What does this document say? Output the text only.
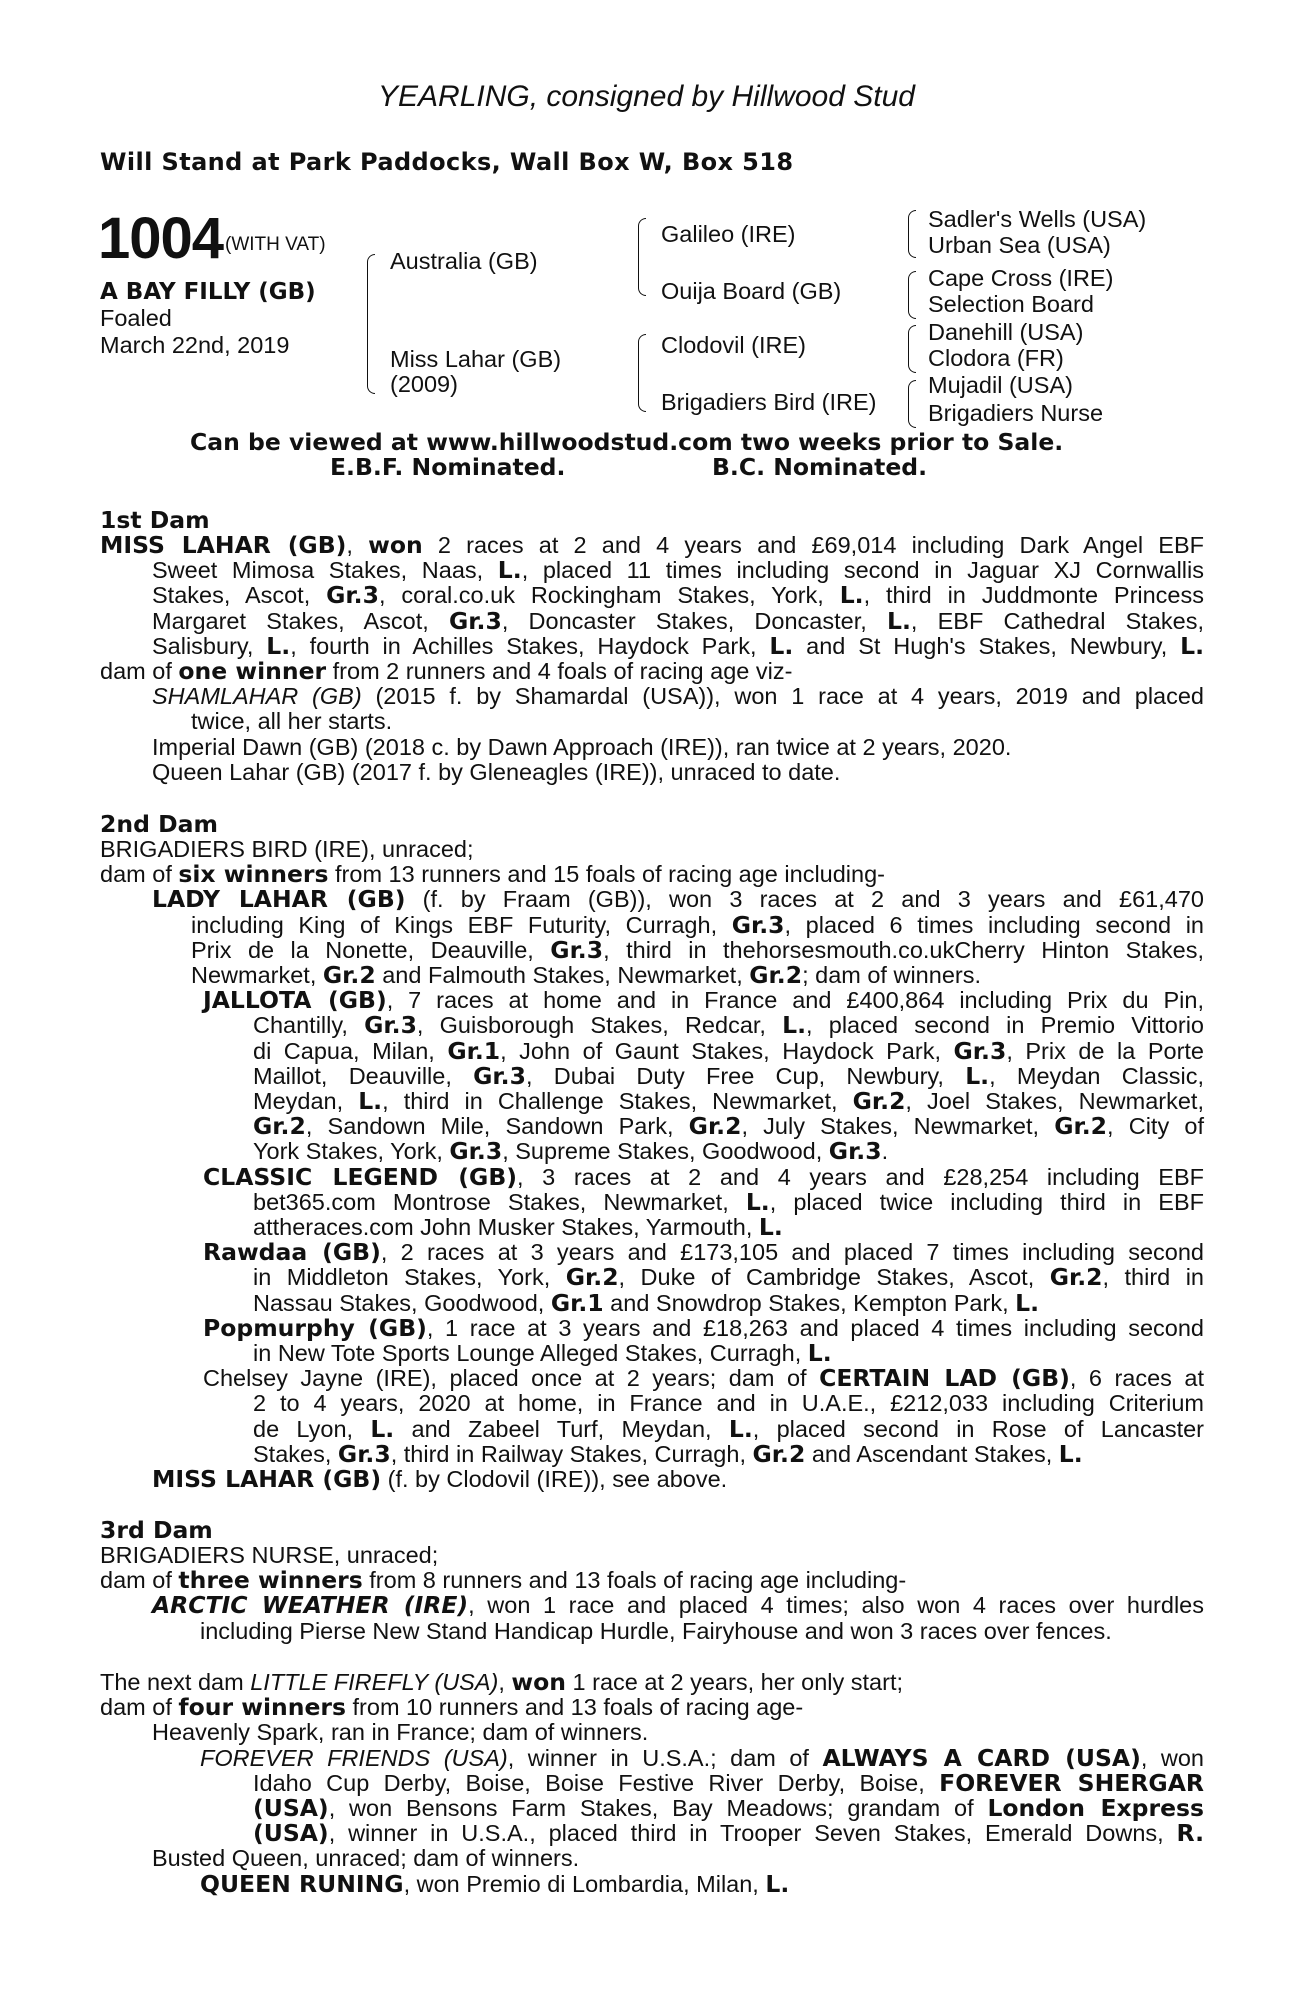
YEARLING, consigned by Hillwood Stud
Will Stand at Park Paddocks, Wall Box W, Box 518
1004 (WITH VAT)
A BAY FILLY (GB)
Foaled
March 22nd, 2019
Australia (GB)
Miss Lahar (GB)
(2009)
Galileo (IRE)
Ouija Board (GB)
Clodovil (IRE)
Brigadiers Bird (IRE)
Sadler's Wells (USA)
Urban Sea (USA)
Cape Cross (IRE)
Selection Board
Danehill (USA)
Clodora (FR)
Mujadil (USA)
Brigadiers Nurse
Can be viewed at www.hillwoodstud.com two weeks prior to Sale.
E.B.F. Nominated.	B.C. Nominated.
1st Dam
MISS LAHAR (GB), won 2 races at 2 and 4 years and £69,014 including Dark Angel EBF
Sweet Mimosa Stakes, Naas, L., placed 11 times including second in Jaguar XJ Cornwallis
Stakes, Ascot, Gr.3, coral.co.uk Rockingham Stakes, York, L., third in Juddmonte Princess
Margaret Stakes, Ascot, Gr.3, Doncaster Stakes, Doncaster, L., EBF Cathedral Stakes,
Salisbury, L., fourth in Achilles Stakes, Haydock Park, L. and St Hugh's Stakes, Newbury, L.
dam of one winner from 2 runners and 4 foals of racing age viz-
SHAMLAHAR (GB) (2015 f. by Shamardal (USA)), won 1 race at 4 years, 2019 and placed
twice, all her starts.
Imperial Dawn (GB) (2018 c. by Dawn Approach (IRE)), ran twice at 2 years, 2020.
Queen Lahar (GB) (2017 f. by Gleneagles (IRE)), unraced to date.
2nd Dam
BRIGADIERS BIRD (IRE), unraced;
dam of six winners from 13 runners and 15 foals of racing age including-
LADY LAHAR (GB) (f. by Fraam (GB)), won 3 races at 2 and 3 years and £61,470
including King of Kings EBF Futurity, Curragh, Gr.3, placed 6 times including second in
Prix de la Nonette, Deauville, Gr.3, third in thehorsesmouth.co.ukCherry Hinton Stakes,
Newmarket, Gr.2 and Falmouth Stakes, Newmarket, Gr.2; dam of winners.
JALLOTA (GB), 7 races at home and in France and £400,864 including Prix du Pin,
Chantilly, Gr.3, Guisborough Stakes, Redcar, L., placed second in Premio Vittorio
di Capua, Milan, Gr.1, John of Gaunt Stakes, Haydock Park, Gr.3, Prix de la Porte
Maillot, Deauville, Gr.3, Dubai Duty Free Cup, Newbury, L., Meydan Classic,
Meydan, L., third in Challenge Stakes, Newmarket, Gr.2, Joel Stakes, Newmarket,
Gr.2, Sandown Mile, Sandown Park, Gr.2, July Stakes, Newmarket, Gr.2, City of
York Stakes, York, Gr.3, Supreme Stakes, Goodwood, Gr.3.
CLASSIC LEGEND (GB), 3 races at 2 and 4 years and £28,254 including EBF
bet365.com Montrose Stakes, Newmarket, L., placed twice including third in EBF
attheraces.com John Musker Stakes, Yarmouth, L.
Rawdaa (GB), 2 races at 3 years and £173,105 and placed 7 times including second
in Middleton Stakes, York, Gr.2, Duke of Cambridge Stakes, Ascot, Gr.2, third in
Nassau Stakes, Goodwood, Gr.1 and Snowdrop Stakes, Kempton Park, L.
Popmurphy (GB), 1 race at 3 years and £18,263 and placed 4 times including second
in New Tote Sports Lounge Alleged Stakes, Curragh, L.
Chelsey Jayne (IRE), placed once at 2 years; dam of CERTAIN LAD (GB), 6 races at
2 to 4 years, 2020 at home, in France and in U.A.E., £212,033 including Criterium
de Lyon, L. and Zabeel Turf, Meydan, L., placed second in Rose of Lancaster
Stakes, Gr.3, third in Railway Stakes, Curragh, Gr.2 and Ascendant Stakes, L.
MISS LAHAR (GB) (f. by Clodovil (IRE)), see above.
3rd Dam
BRIGADIERS NURSE, unraced;
dam of three winners from 8 runners and 13 foals of racing age including-
ARCTIC WEATHER (IRE), won 1 race and placed 4 times; also won 4 races over hurdles
including Pierse New Stand Handicap Hurdle, Fairyhouse and won 3 races over fences.
The next dam LITTLE FIREFLY (USA), won 1 race at 2 years, her only start;
dam of four winners from 10 runners and 13 foals of racing age-
Heavenly Spark, ran in France; dam of winners.
FOREVER FRIENDS (USA), winner in U.S.A.; dam of ALWAYS A CARD (USA), won
Idaho Cup Derby, Boise, Boise Festive River Derby, Boise, FOREVER SHERGAR
(USA), won Bensons Farm Stakes, Bay Meadows; grandam of London Express
(USA), winner in U.S.A., placed third in Trooper Seven Stakes, Emerald Downs, R.
Busted Queen, unraced; dam of winners.
QUEEN RUNING, won Premio di Lombardia, Milan, L.
